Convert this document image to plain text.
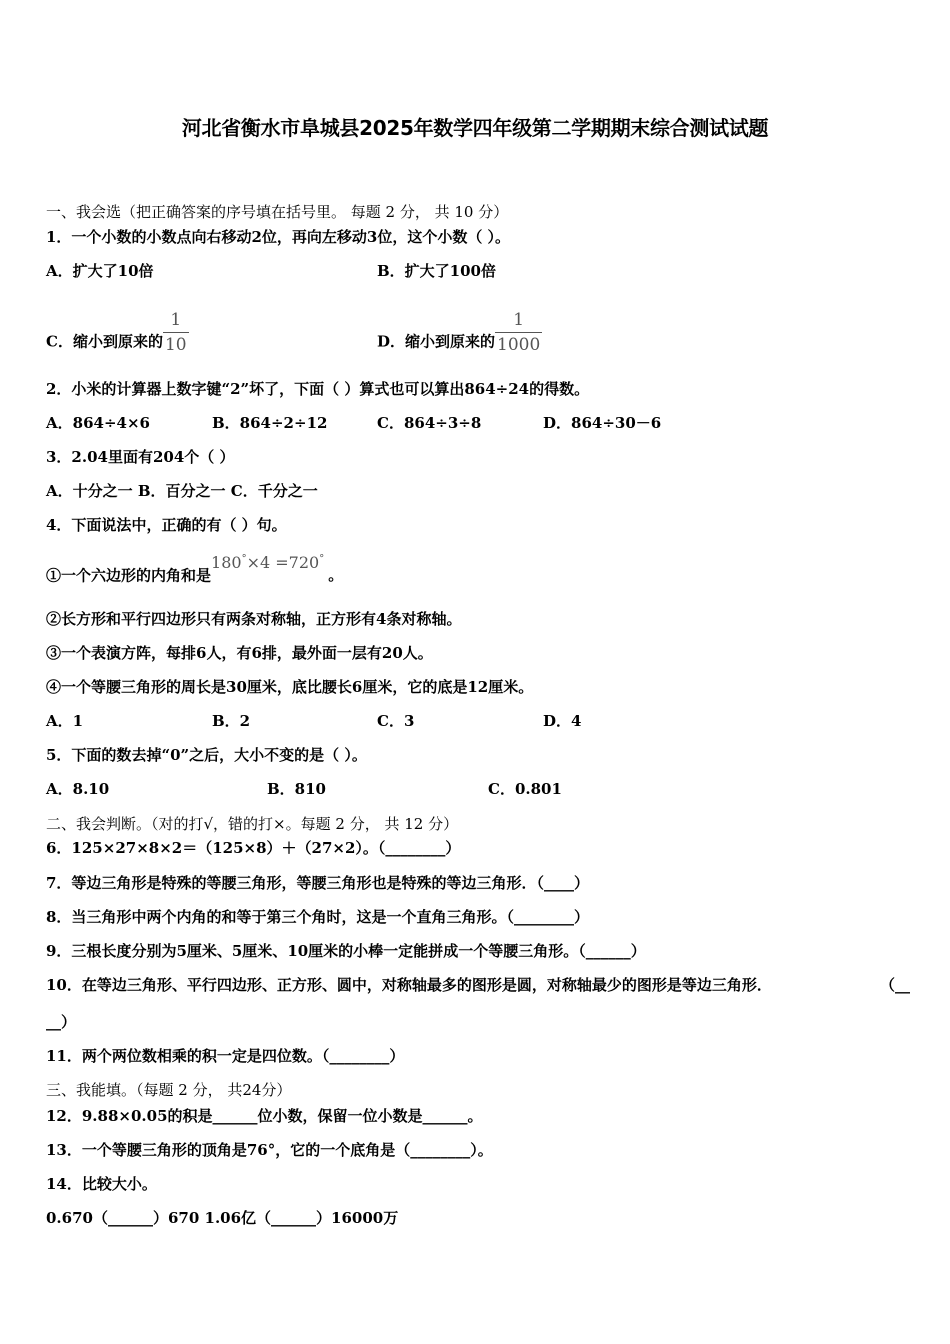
河北省衡水市阜城县2025年数学四年级第二学期期末综合测试试题
一、我会选（把正确答案的序号填在括号里。 每题 2 分， 共 10 分）
1．一个小数的小数点向右移动2位，再向左移动3位，这个小数（ ）。
A．扩大了10倍	B．扩大了100倍
C．缩小到原来的 $\frac{1}{10}$	D．缩小到原来的 $\frac{1}{1000}$
2．小米的计算器上数字键“2”坏了，下面（ ）算式也可以算出864÷24的得数。
A．864÷4×6	B．864÷2÷12	C．864÷3÷8	D．864÷30－6
3．2.04里面有204个（ ）
A．十分之一 B．百分之一 C．千分之一
4．下面说法中，正确的有（ ）句。
①一个六边形的内角和是180°×4 =720°。
②长方形和平行四边形只有两条对称轴，正方形有4条对称轴。
③一个表演方阵，每排6人，有6排，最外面一层有20人。
④一个等腰三角形的周长是30厘米，底比腰长6厘米，它的底是12厘米。
A．1	B．2	C．3	D．4
5．下面的数去掉“0”之后，大小不变的是（ ）。
A．8.10	B．810	C．0.801
二、我会判断。（对的打√，错的打×。每题 2 分， 共 12 分）
6．125×27×8×2＝（125×8）＋（27×2）。（________）
7．等边三角形是特殊的等腰三角形，等腰三角形也是特殊的等边三角形．（____）
8．当三角形中两个内角的和等于第三个角时，这是一个直角三角形。（________）
9．三根长度分别为5厘米、5厘米、10厘米的小棒一定能拼成一个等腰三角形。（______）
10．在等边三角形、平行四边形、正方形、圆中，对称轴最多的图形是圆，对称轴最少的图形是等边三角形．	（__
__）
11．两个两位数相乘的积一定是四位数。（________）
三、我能填。（每题 2 分， 共24分）
12．9.88×0.05的积是______位小数，保留一位小数是______。
13．一个等腰三角形的顶角是76°，它的一个底角是（________）。
14．比较大小。
0.670（______）670 1.06亿（______）16000万
